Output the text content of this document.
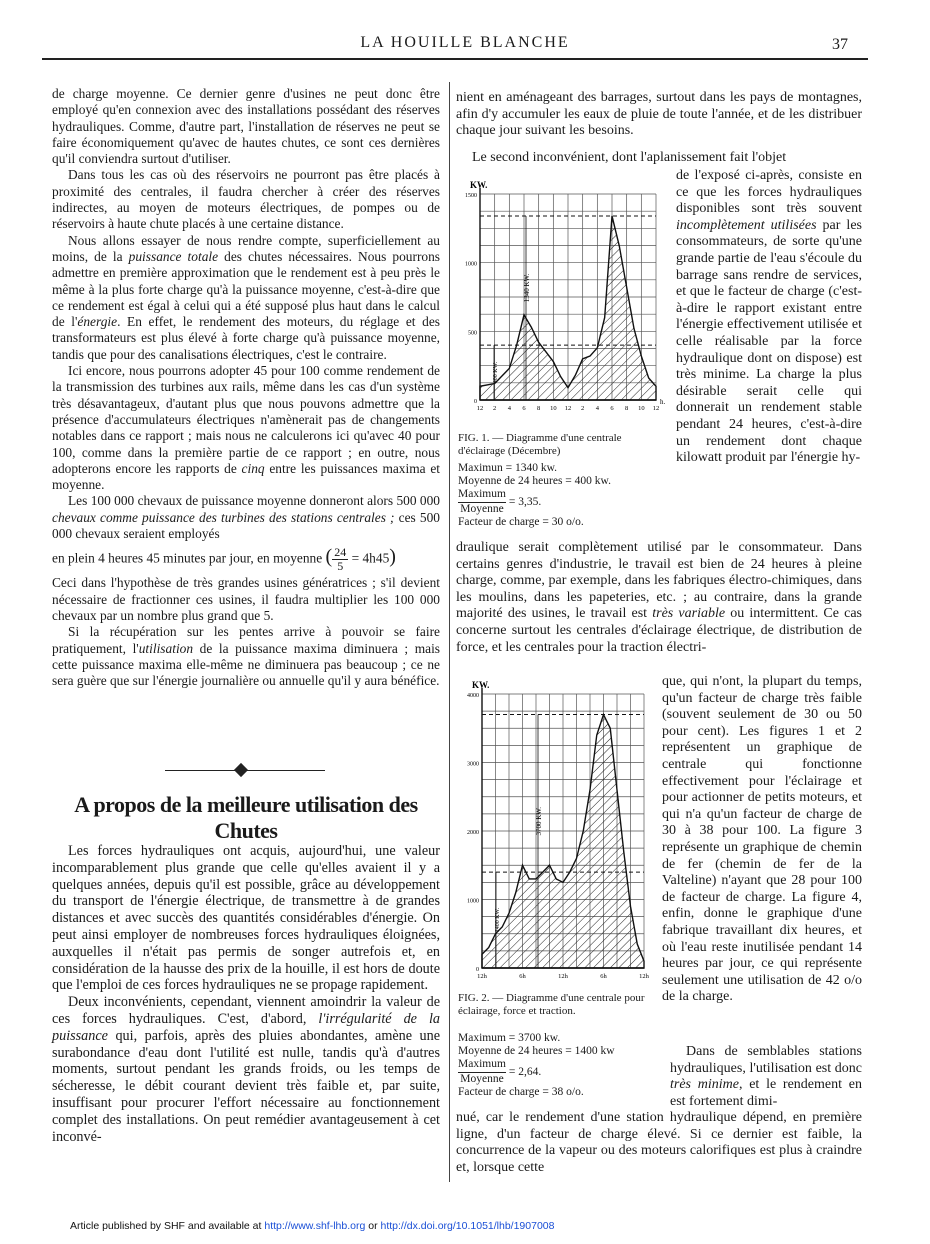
LA HOUILLE BLANCHE	37

de charge moyenne. Ce dernier genre d'usines ne peut donc être employé qu'en connexion avec des installations possédant des réserves hydrauliques. Comme, d'autre part, l'installation de réserves ne peut se faire économiquement qu'avec de hautes chutes, ce sont ces dernières qu'il conviendra surtout d'utiliser.

Dans tous les cas où des réservoirs ne pourront pas être placés à proximité des centrales, il faudra chercher à créer des réserves indirectes, au moyen de moteurs électriques, de pompes ou de réservoirs à haute chute placés à une certaine distance.

Nous allons essayer de nous rendre compte, superficiellement au moins, de la puissance totale des chutes nécessaires. Nous pourrons admettre en première approximation que le rendement est à peu près le même à la plus forte charge qu'à la puissance moyenne, c'est-à-dire que ce rendement est égal à celui qui a été supposé plus haut dans le calcul de l'énergie. En effet, le rendement des moteurs, du réglage et des transformateurs est plus élevé à forte charge qu'à puissance moyenne, tandis que pour des canalisations électriques, c'est le contraire.

Ici encore, nous pourrons adopter 45 pour 100 comme rendement de la transmission des turbines aux rails, même dans les cas d'un système très désavantageux, d'autant plus que nous pouvons admettre que la présence d'accumulateurs électriques n'amènerait pas de changements notables dans ce rapport ; mais nous ne calculerons ici qu'avec 40 pour 100, comme dans la première partie de ce rapport ; en outre, nous adopterons encore les rapports de cinq entre les puissances maxima et moyenne.

Les 100 000 chevaux de puissance moyenne donneront alors 500 000 chevaux comme puissance des turbines des stations centrales ; ces 500 000 chevaux seraient employés

en plein 4 heures 45 minutes par jour, en moyenne ( $\frac{24}{5} = 4h45$)

Ceci dans l'hypothèse de très grandes usines génératrices ; s'il devient nécessaire de fractionner ces usines, il faudra multiplier les 100 000 chevaux par un nombre plus grand que 5.

Si la récupération sur les pentes arrive à pouvoir se faire pratiquement, l'utilisation de la puissance maxima diminuera ; mais cette puissance maxima elle-même ne diminuera pas beaucoup ; ce ne sera guère que sur l'énergie journalière ou annuelle qu'il y aura bénéfice.

A propos de la meilleure utilisation des Chutes

Les forces hydrauliques ont acquis, aujourd'hui, une valeur incomparablement plus grande que celle qu'elles avaient il y a quelques années, depuis qu'il est possible, grâce au développement du transport de l'énergie électrique, de transmettre à de grandes distances et avec succès des quantités considérables d'énergie. On peut ainsi employer de nombreuses forces hydrauliques éloignées, auxquelles il n'était pas permis de songer autrefois et, en considération de la hausse des prix de la houille, il est hors de doute que l'emploi de ces forces hydrauliques ne se propage rapidement.

Deux inconvénients, cependant, viennent amoindrir la valeur de ces forces hydrauliques. C'est, d'abord, l'irrégularité de la puissance qui, parfois, après des pluies abondantes, amène une surabondance d'eau dont l'utilité est nulle, tandis qu'à d'autres moments, surtout pendant les grands froids, ou les temps de sécheresse, le débit courant devient très faible et, par suite, insuffisant pour procurer l'effort nécessaire au fonctionnement complet des installations. On peut remédier avantageusement à cet inconvé-

nient en aménageant des barrages, surtout dans les pays de montagnes, afin d'y accumuler les eaux de pluie de toute l'année, et de les distribuer chaque jour suivant les besoins.
Le second inconvénient, dont l'aplanissement fait l'objet
1500
1000
500
0
12 2 4 6 8 10 12 2 4 6 8 10 12
KW.
h.
1340 KW.
400 KW.
de l'exposé ci-après, consiste en ce que les forces hydrauliques disponibles sont très souvent incomplètement utilisées par les consommateurs, de sorte qu'une grande partie de l'eau s'écoule du barrage sans rendre de services, et que le facteur de charge (c'est-à-dire le rapport existant entre l'énergie effectivement utilisée et celle réalisable par la force hydraulique dont on dispose) est très minime. La charge la plus désirable serait celle qui donnerait un rendement stable pendant 24 heures, c'est-à-dire un rendement dont chaque kilowatt produit par l'énergie hy-
FIG. 1. — Diagramme d'une centrale d'éclairage (Décembre)
Maximun = 1340 kw.
Moyenne de 24 heures = 400 kw.
Maximum
Moyenne
= 3,35.
Facteur de charge = 30 o/o.
draulique serait complètement utilisé par le consommateur. Dans certains genres d'industrie, le travail est bien de 24 heures à pleine charge, comme, par exemple, dans les fabriques électro-chimiques, dans les moulins, dans les papeteries, etc. ; au contraire, dans la grande majorité des usines, le travail est très variable ou intermittent. Ce cas concerne surtout les centrales d'éclairage électrique, de distribution de force, et les centrales pour la traction électri-
4000
3000
2000
1000
0
12h	6h	12h	6h	12h
KW.
3700 KW.
1400 KW.
que, qui n'ont, la plupart du temps, qu'un facteur de charge très faible (souvent seulement de 30 ou 50 pour cent). Les figures 1 et 2 représentent un graphique de centrale qui fonctionne effectivement pour l'éclairage et pour actionner de petits moteurs, et qui n'a qu'un facteur de charge de 30 à 38 pour 100. La figure 3 représente un graphique de chemin de fer (chemin de fer de la Valteline) n'ayant que 28 pour 100 de facteur de charge. La figure 4, enfin, donne le graphique d'une fabrique travaillant dix heures, et où l'eau reste inutilisée pendant 14 heures par jour, ce qui représente seulement une utilisation de 42 o/o de la charge.
FIG. 2. — Diagramme d'une centrale pour éclairage, force et traction.
Maximum = 3700 kw.
Moyenne de 24 heures = 1400 kw
Maximum
Moyenne
= 2,64.
Facteur de charge = 38 o/o.
Dans de semblables stations hydrauliques, l'utilisation est donc très minime, et le rendement en est fortement dimi-
nué, car le rendement d'une station hydraulique dépend, en première ligne, d'un facteur de charge élevé. Si ce dernier est faible, la concurrence de la vapeur ou des moteurs calorifiques est plus à craindre et, lorsque cette
Article published by SHF and available at http://www.shf-lhb.org or http://dx.doi.org/10.1051/lhb/1907008
